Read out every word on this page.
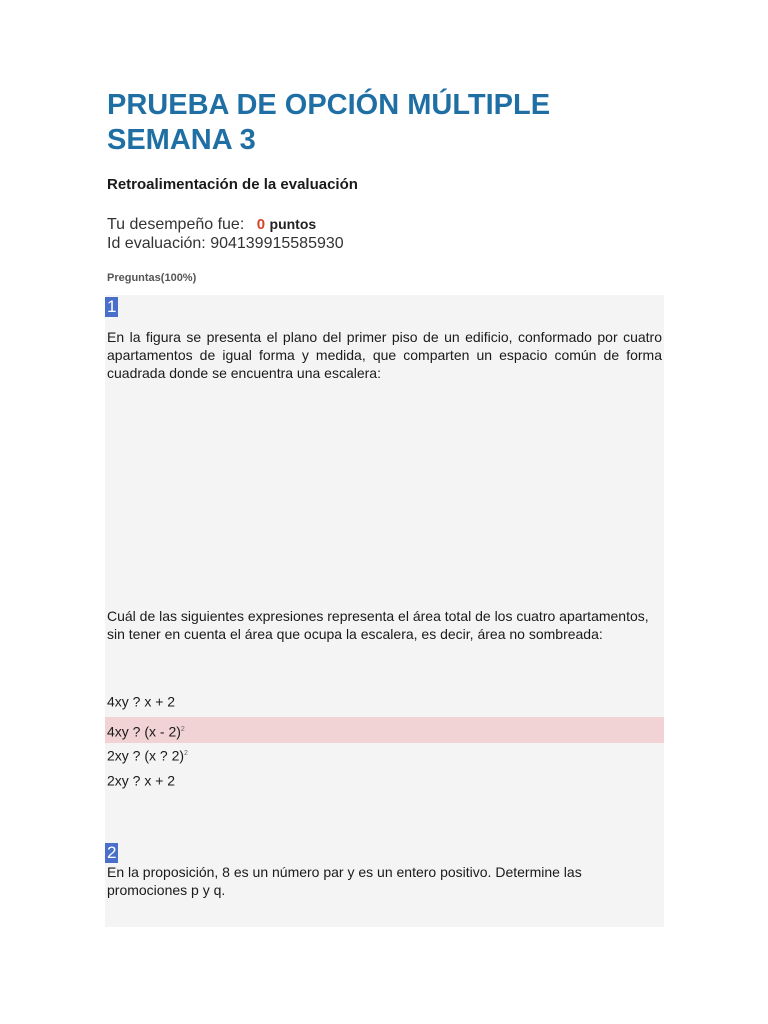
PRUEBA DE OPCIÓN MÚLTIPLE SEMANA 3
Retroalimentación de la evaluación
Tu desempeño fue: 0 puntos
Id evaluación: 904139915585930
Preguntas(100%)
1

En la figura se presenta el plano del primer piso de un edificio, conformado por cuatro apartamentos de igual forma y medida, que comparten un espacio común de forma cuadrada donde se encuentra una escalera:

Cuál de las siguientes expresiones representa el área total de los cuatro apartamentos, sin tener en cuenta el área que ocupa la escalera, es decir, área no sombreada:

4xy ? x + 2
4xy ? (x - 2)$^2$
2xy ? (x ? 2)$^2$
2xy ? x + 2
2

En la proposición, 8 es un número par y es un entero positivo. Determine las promociones p y q.
